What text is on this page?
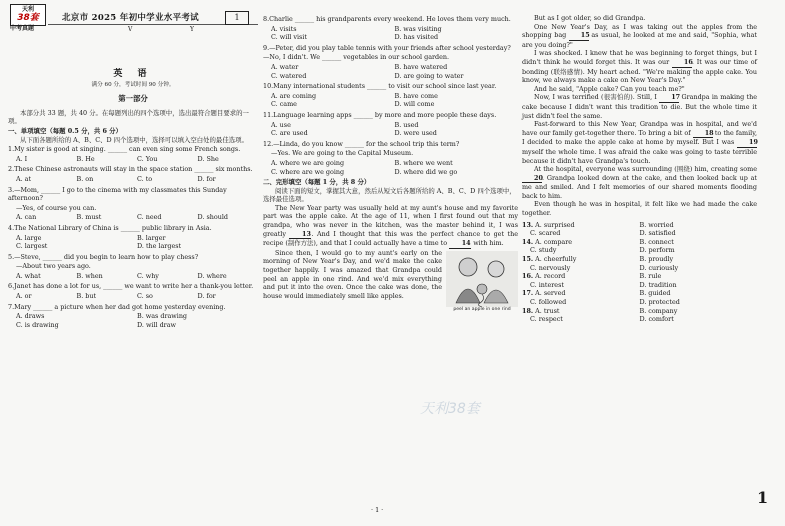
天利
38套
中考真题
北京市 2025 年初中学业水平考试	1
V	Y
英 语
满分 60 分，考试时间 90 分钟。
第一部分

本部分共 33 题，共 40 分。在每题列出的四个选项中，选出最符合题目要求的一项。

一、单项填空（每题 0.5 分，共 6 分）

从下面各题所给的 A、B、C、D 四个选项中，选择可以填入空白处的最佳选项。

1.My sister is good at singing. ______ can even sing some French songs.

A. I	B. He	C. You	D. She

2.These Chinese astronauts will stay in the space station ______ six months.

A. at	B. on	C. to	D. for

3.—Mom, ______ I go to the cinema with my classmates this Sunday afternoon?

—Yes, of course you can.

A. can	B. must	C. need	D. should

4.The National Library of China is ______ public library in Asia.

A. large	B. larger
C. largest	D. the largest

5.—Steve, ______ did you begin to learn how to play chess?

—About two years ago.

A. what	B. when	C. why	D. where

6.Janet has done a lot for us, ______ we want to write her a thank-you letter.

A. or	B. but	C. so	D. for

7.Mary ______ a picture when her dad got home yesterday evening.

A. draws	B. was drawing
C. is drawing	D. will draw

8.Charlie ______ his grandparents every weekend. He loves them very much.

A. visits	B. was visiting
C. will visit	D. has visited

9.—Peter, did you play table tennis with your friends after school yesterday?

—No, I didn't. We ______ vegetables in our school garden.

A. water	B. have watered
C. watered	D. are going to water

10.Many international students ______ to visit our school since last year.

A. are coming	B. have come
C. came	D. will come

11.Language learning apps ______ by more and more people these days.

A. use	B. used
C. are used	D. were used

12.—Linda, do you know ______ for the school trip this term?

—Yes. We are going to the Capital Museum.

A. where we are going	B. where we went
C. where are we going	D. where did we go

二、完形填空（每题 1 分，共 8 分）

阅读下面的短文，掌握其大意，然后从短文后各题所给的 A、B、C、D 四个选项中，选择最佳选项。

The New Year party was usually held at my aunt's house and my favorite part was the apple cake. At the age of 11, when I first found out that my grandpa, who was never in the kitchen, was the master behind it, I was greatly	13. And I thought that this was the perfect chance to get the recipe (制作方法), and that I could actually have a time to 14 with him.

peel an apple in one rind

Since then, I would go to my aunt's early on the morning of New Year's Day, and we'd make the cake together happily. I was amazed that Grandpa could peel an apple in one rind. And we'd mix everything and put it into the oven. Once the cake was done, the house would immediately smell like apples.

But as I got older, so did Grandpa.

One New Year's Day, as I was taking out the apples from the shopping bag 15 as usual, he looked at me and said, "Sophia, what are you doing?"

I was shocked. I knew that he was beginning to forget things, but I didn't think he would forget this. It was our 16. It was our time of bonding (联络感情). My heart ached. "We're making the apple cake. You know, we always make a cake on New Year's Day."

And he said, "Apple cake? Can you teach me?"

Now, I was terrified (很害怕的). Still, I 17 Grandpa in making the cake because I didn't want this tradition to die. But the whole time it just didn't feel the same.

Fast-forward to this New Year, Grandpa was in hospital, and we'd have our family get-together there. To bring a bit of 18 to the family, I decided to make the apple cake at home by myself. But I was 19 myself the whole time. I was afraid the cake was going to taste terrible because it didn't have Grandpa's touch.

At the hospital, everyone was surrounding (围绕) him, creating some 20. Grandpa looked down at the cake, and then looked back up at me and smiled. And I felt memories of our shared moments flooding back to him.

Even though he was in hospital, it felt like we had made the cake together.

13. A. surprised	B. worried
C. scared	D. satisfied
14. A. compare	B. connect
C. study	D. perform
15. A. cheerfully	B. proudly
C. nervously	D. curiously
16. A. record	B. rule
C. interest	D. tradition
17. A. served	B. guided
C. followed	D. protected
18. A. trust	B. company
C. respect	D. comfort
天利38套
· 1 ·
1
